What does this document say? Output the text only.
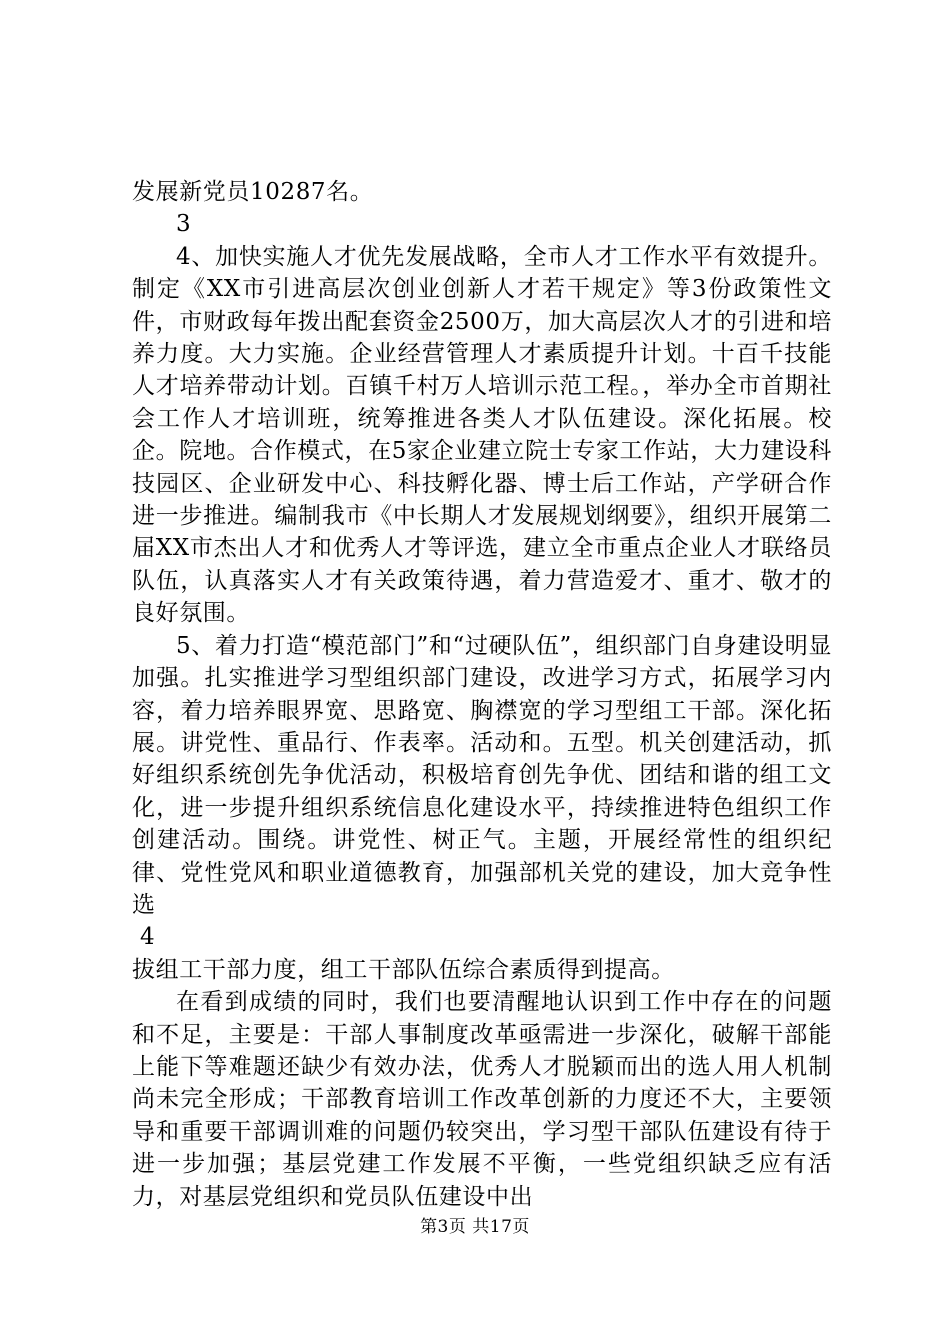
发展新党员10287名。

3

4、加快实施人才优先发展战略，全市人才工作水平有效提升。制定《XX市引进高层次创业创新人才若干规定》等3份政策性文件，市财政每年拨出配套资金2500万，加大高层次人才的引进和培养力度。大力实施。企业经营管理人才素质提升计划。十百千技能人才培养带动计划。百镇千村万人培训示范工程。，举办全市首期社会工作人才培训班，统筹推进各类人才队伍建设。深化拓展。校企。院地。合作模式，在5家企业建立院士专家工作站，大力建设科技园区、企业研发中心、科技孵化器、博士后工作站，产学研合作进一步推进。编制我市《中长期人才发展规划纲要》，组织开展第二届XX市杰出人才和优秀人才等评选，建立全市重点企业人才联络员队伍，认真落实人才有关政策待遇，着力营造爱才、重才、敬才的良好氛围。

5、着力打造“模范部门”和“过硬队伍”，组织部门自身建设明显加强。扎实推进学习型组织部门建设，改进学习方式，拓展学习内容，着力培养眼界宽、思路宽、胸襟宽的学习型组工干部。深化拓展。讲党性、重品行、作表率。活动和。五型。机关创建活动，抓好组织系统创先争优活动，积极培育创先争优、团结和谐的组工文化，进一步提升组织系统信息化建设水平，持续推进特色组织工作创建活动。围绕。讲党性、树正气。主题，开展经常性的组织纪律、党性党风和职业道德教育，加强部机关党的建设，加大竞争性选

4

拔组工干部力度，组工干部队伍综合素质得到提高。

在看到成绩的同时，我们也要清醒地认识到工作中存在的问题和不足，主要是：干部人事制度改革亟需进一步深化，破解干部能上能下等难题还缺少有效办法，优秀人才脱颖而出的选人用人机制尚未完全形成；干部教育培训工作改革创新的力度还不大，主要领导和重要干部调训难的问题仍较突出，学习型干部队伍建设有待于进一步加强；基层党建工作发展不平衡，一些党组织缺乏应有活力，对基层党组织和党员队伍建设中出

第3页 共17页
